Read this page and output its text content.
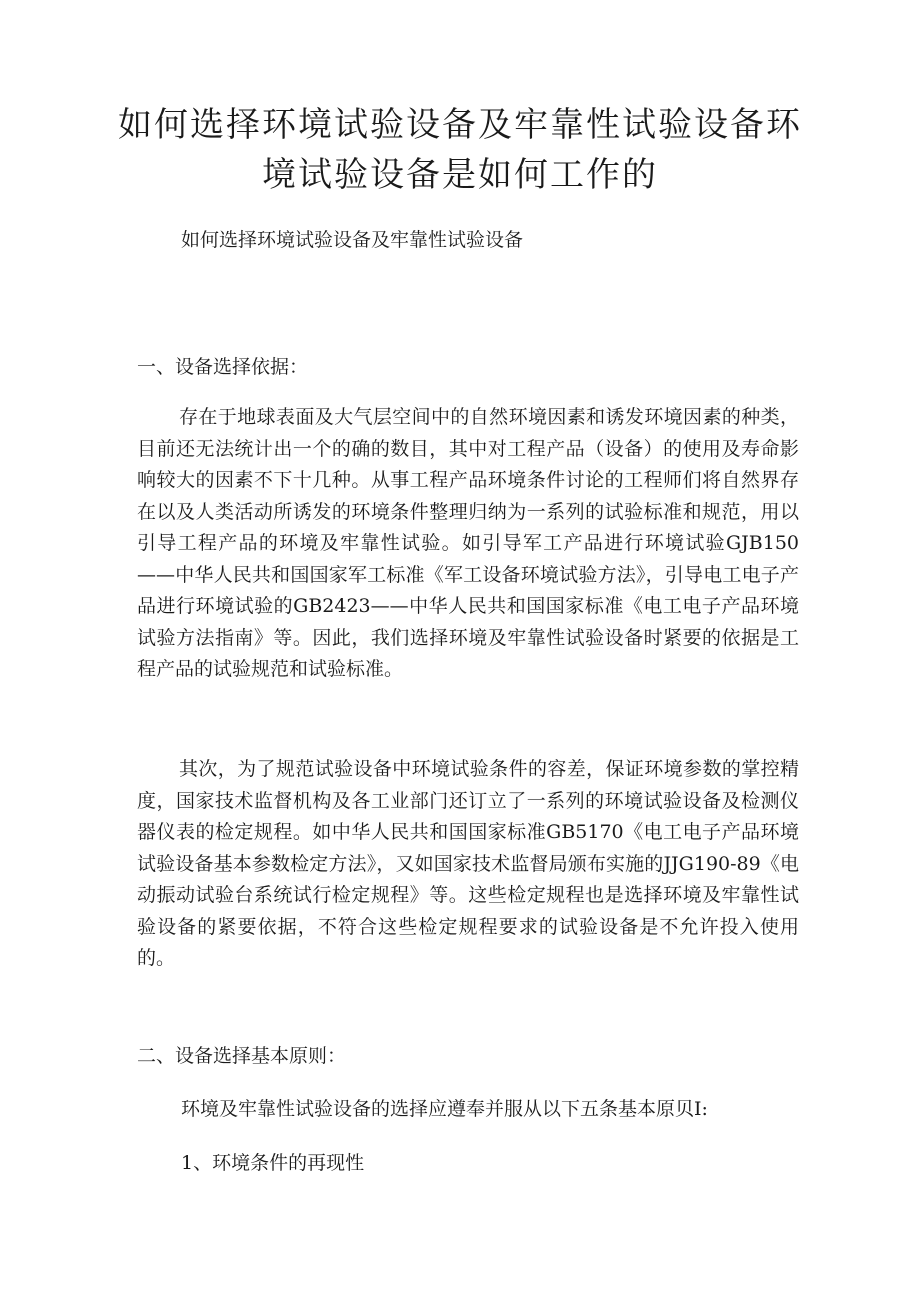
如何选择环境试验设备及牢靠性试验设备环
境试验设备是如何工作的

如何选择环境试验设备及牢靠性试验设备

一、设备选择依据：

存在于地球表面及大气层空间中的自然环境因素和诱发环境因素的种类，目前还无法统计出一个的确的数目，其中对工程产品（设备）的使用及寿命影响较大的因素不下十几种。从事工程产品环境条件讨论的工程师们将自然界存在以及人类活动所诱发的环境条件整理归纳为一系列的试验标准和规范，用以引导工程产品的环境及牢靠性试验。如引导军工产品进行环境试验GJB150——中华人民共和国国家军工标准《军工设备环境试验方法》，引导电工电子产品进行环境试验的GB2423——中华人民共和国国家标准《电工电子产品环境试验方法指南》等。因此，我们选择环境及牢靠性试验设备时紧要的依据是工程产品的试验规范和试验标准。

其次，为了规范试验设备中环境试验条件的容差，保证环境参数的掌控精度，国家技术监督机构及各工业部门还订立了一系列的环境试验设备及检测仪器仪表的检定规程。如中华人民共和国国家标准GB5170《电工电子产品环境试验设备基本参数检定方法》，又如国家技术监督局颁布实施的JJG190-89《电动振动试验台系统试行检定规程》等。这些检定规程也是选择环境及牢靠性试验设备的紧要依据，不符合这些检定规程要求的试验设备是不允许投入使用的。

二、设备选择基本原则：

环境及牢靠性试验设备的选择应遵奉并服从以下五条基本原贝I:

1、环境条件的再现性
